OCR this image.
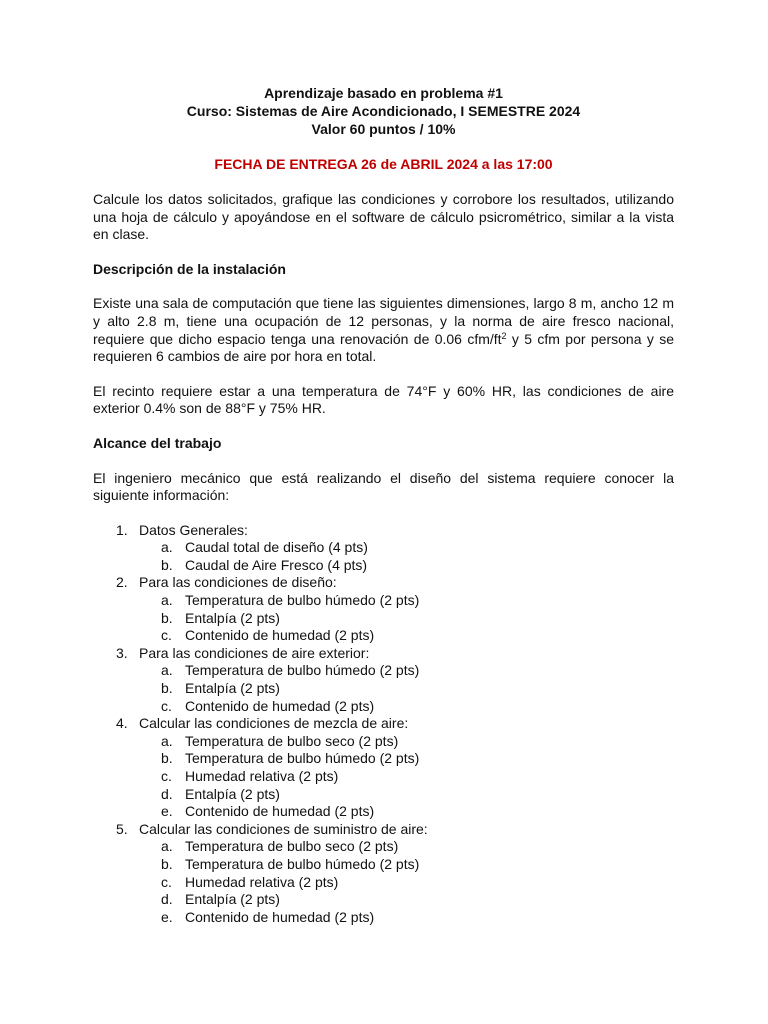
Aprendizaje basado en problema #1
Curso: Sistemas de Aire Acondicionado, I SEMESTRE 2024
Valor 60 puntos / 10%
FECHA DE ENTREGA 26 de ABRIL 2024 a las 17:00
Calcule los datos solicitados, grafique las condiciones y corrobore los resultados, utilizando una hoja de cálculo y apoyándose en el software de cálculo psicrométrico, similar a la vista en clase.
Descripción de la instalación
Existe una sala de computación que tiene las siguientes dimensiones, largo 8 m, ancho 12 m y alto 2.8 m, tiene una ocupación de 12 personas, y la norma de aire fresco nacional, requiere que dicho espacio tenga una renovación de 0.06 cfm/$ft^2$ y 5 cfm por persona y se requieren 6 cambios de aire por hora en total.
El recinto requiere estar a una temperatura de 74°F y 60% HR, las condiciones de aire exterior 0.4% son de 88°F y 75% HR.
Alcance del trabajo
El ingeniero mecánico que está realizando el diseño del sistema requiere conocer la siguiente información:
1. Datos Generales:
a. Caudal total de diseño (4 pts)
b. Caudal de Aire Fresco (4 pts)
2. Para las condiciones de diseño:
a. Temperatura de bulbo húmedo (2 pts)
b. Entalpía (2 pts)
c. Contenido de humedad (2 pts)
3. Para las condiciones de aire exterior:
a. Temperatura de bulbo húmedo (2 pts)
b. Entalpía (2 pts)
c. Contenido de humedad (2 pts)
4. Calcular las condiciones de mezcla de aire:
a. Temperatura de bulbo seco (2 pts)
b. Temperatura de bulbo húmedo (2 pts)
c. Humedad relativa (2 pts)
d. Entalpía (2 pts)
e. Contenido de humedad (2 pts)
5. Calcular las condiciones de suministro de aire:
a. Temperatura de bulbo seco (2 pts)
b. Temperatura de bulbo húmedo (2 pts)
c. Humedad relativa (2 pts)
d. Entalpía (2 pts)
e. Contenido de humedad (2 pts)
